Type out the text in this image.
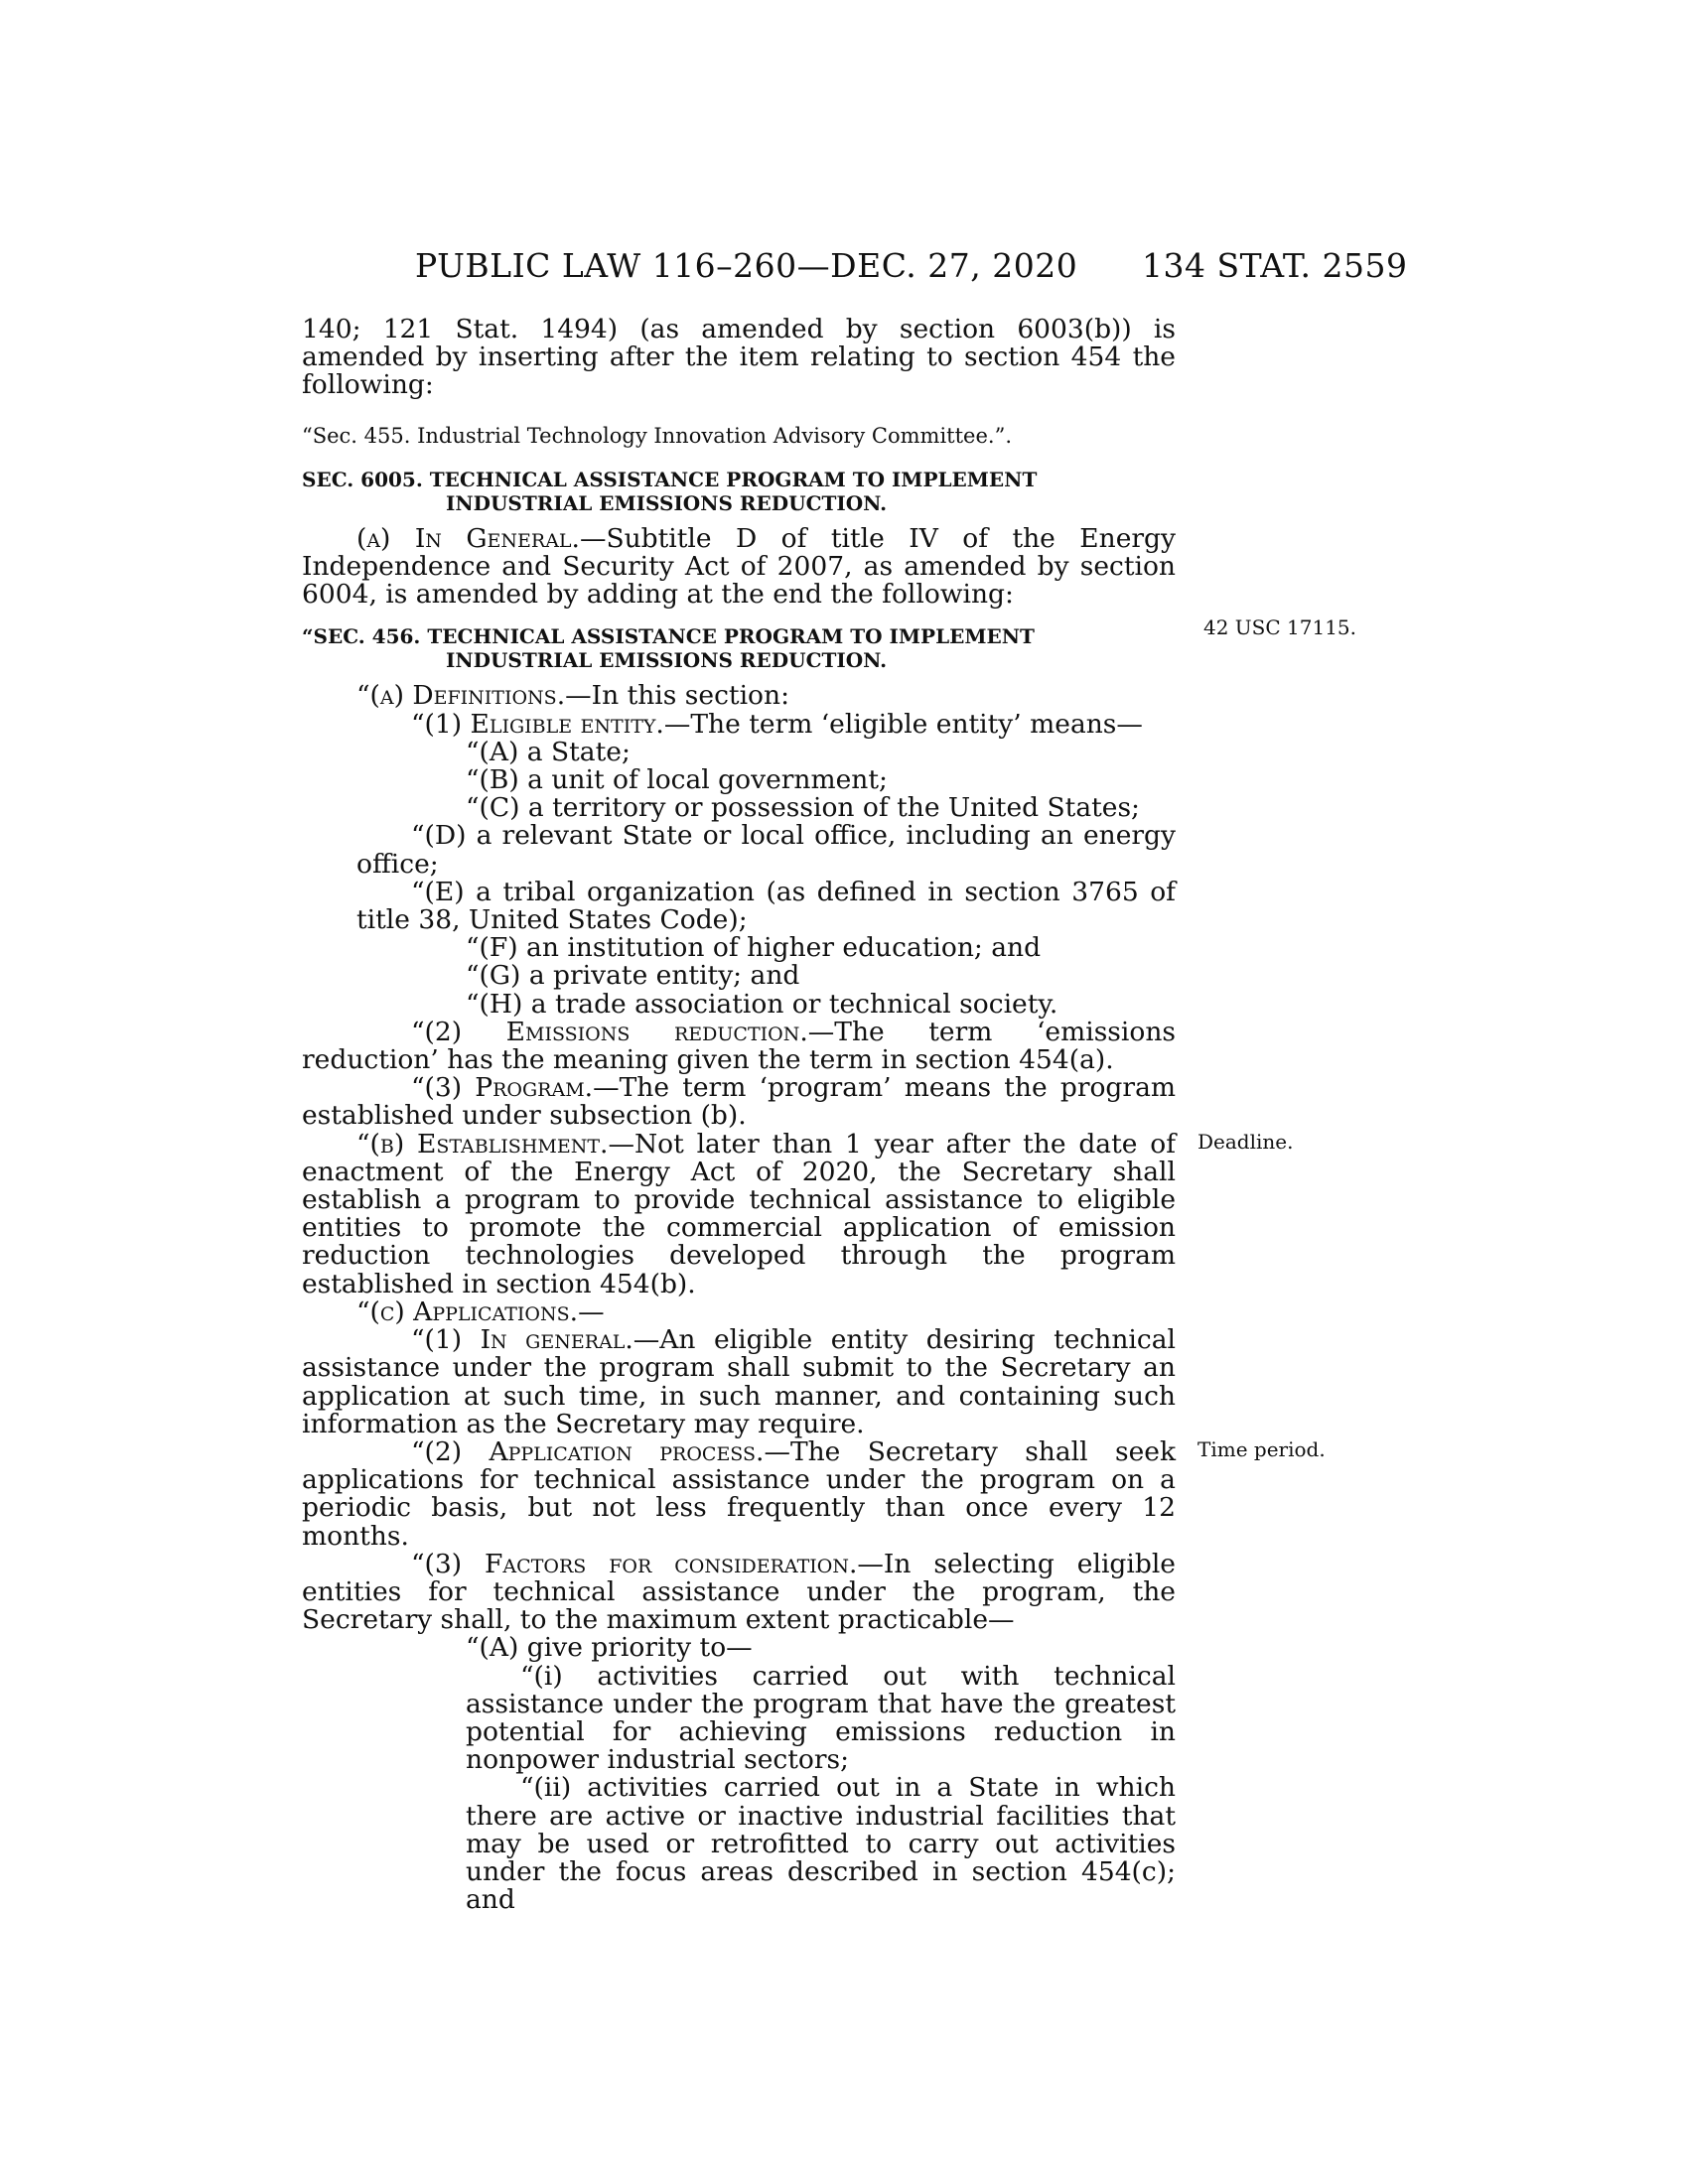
PUBLIC LAW 116–260—DEC. 27, 2020 134 STAT. 2559

140; 121 Stat. 1494) (as amended by section 6003(b)) is amended by inserting after the item relating to section 454 the following:

“Sec. 455. Industrial Technology Innovation Advisory Committee.”.

SEC. 6005. TECHNICAL ASSISTANCE PROGRAM TO IMPLEMENT INDUSTRIAL EMISSIONS REDUCTION.

(a) In General.—Subtitle D of title IV of the Energy Independence and Security Act of 2007, as amended by section 6004, is amended by adding at the end the following:

“SEC. 456. TECHNICAL ASSISTANCE PROGRAM TO IMPLEMENT INDUSTRIAL EMISSIONS REDUCTION.

“(a) Definitions.—In this section:

“(1) Eligible entity.—The term ‘eligible entity’ means—

“(A) a State;

“(B) a unit of local government;

“(C) a territory or possession of the United States;

“(D) a relevant State or local office, including an energy office;

“(E) a tribal organization (as defined in section 3765 of title 38, United States Code);

“(F) an institution of higher education; and

“(G) a private entity; and

“(H) a trade association or technical society.

“(2) Emissions reduction.—The term ‘emissions reduction’ has the meaning given the term in section 454(a).

“(3) Program.—The term ‘program’ means the program established under subsection (b).

“(b) Establishment.—Not later than 1 year after the date of enactment of the Energy Act of 2020, the Secretary shall establish a program to provide technical assistance to eligible entities to promote the commercial application of emission reduction technologies developed through the program established in section 454(b).

“(c) Applications.—

“(1) In general.—An eligible entity desiring technical assistance under the program shall submit to the Secretary an application at such time, in such manner, and containing such information as the Secretary may require.

“(2) Application process.—The Secretary shall seek applications for technical assistance under the program on a periodic basis, but not less frequently than once every 12 months.

“(3) Factors for consideration.—In selecting eligible entities for technical assistance under the program, the Secretary shall, to the maximum extent practicable—

“(A) give priority to—

“(i) activities carried out with technical assistance under the program that have the greatest potential for achieving emissions reduction in nonpower industrial sectors;

“(ii) activities carried out in a State in which there are active or inactive industrial facilities that may be used or retrofitted to carry out activities under the focus areas described in section 454(c); and

42 USC 17115.
Deadline.
Time period.
